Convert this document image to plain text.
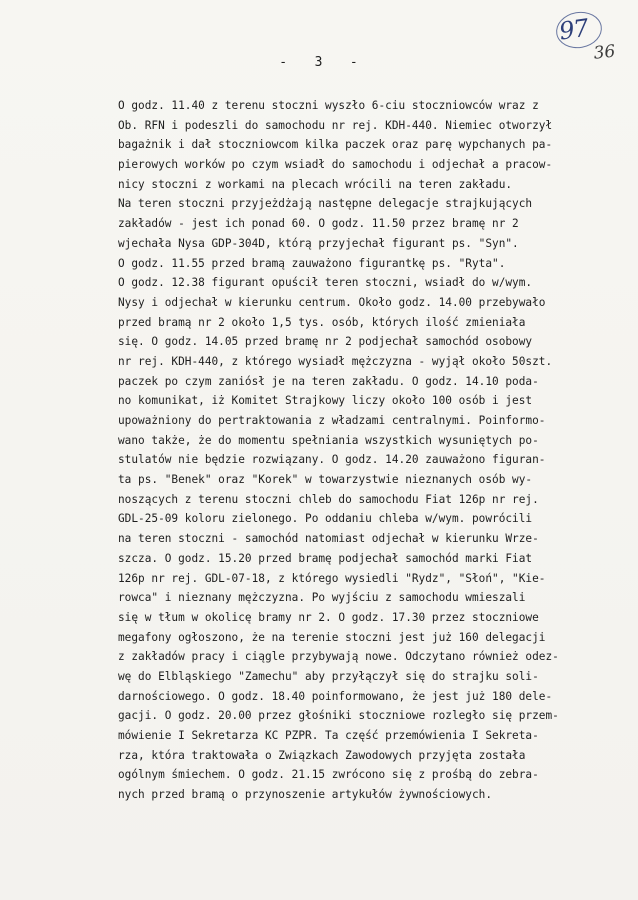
97
36
-   3   -
O godz. 11.40 z terenu stoczni wyszło 6-ciu stoczniowców wraz z
Ob. RFN i podeszli do samochodu nr rej. KDH-440. Niemiec otworzył
bagażnik i dał stoczniowcom kilka paczek oraz parę wypchanych pa-
pierowych worków po czym wsiadł do samochodu i odjechał a pracow-
nicy stoczni z workami na plecach wrócili na teren zakładu.
Na teren stoczni przyjeżdżają następne delegacje strajkujących
zakładów - jest ich ponad 60. O godz. 11.50 przez bramę nr 2
wjechała Nysa GDP-304D, którą przyjechał figurant ps. "Syn".
O godz. 11.55 przed bramą zauważono figurantkę ps. "Ryta".
O godz. 12.38 figurant opuścił teren stoczni, wsiadł do w/wym.
Nysy i odjechał w kierunku centrum. Około godz. 14.00 przebywało
przed bramą nr 2 około 1,5 tys. osób, których ilość zmieniała
się. O godz. 14.05 przed bramę nr 2 podjechał samochód osobowy
nr rej. KDH-440, z którego wysiadł mężczyzna - wyjął około 50szt.
paczek po czym zaniósł je na teren zakładu. O godz. 14.10 poda-
no komunikat, iż Komitet Strajkowy liczy około 100 osób i jest
upoważniony do pertraktowania z władzami centralnymi. Poinformo-
wano także, że do momentu spełniania wszystkich wysuniętych po-
stulatów nie będzie rozwiązany. O godz. 14.20 zauważono figuran-
ta ps. "Benek" oraz "Korek" w towarzystwie nieznanych osób wy-
noszących z terenu stoczni chleb do samochodu Fiat 126p nr rej.
GDL-25-09 koloru zielonego. Po oddaniu chleba w/wym. powrócili
na teren stoczni - samochód natomiast odjechał w kierunku Wrze-
szcza. O godz. 15.20 przed bramę podjechał samochód marki Fiat
126p nr rej. GDL-07-18, z którego wysiedli "Rydz", "Słoń", "Kie-
rowca" i nieznany mężczyzna. Po wyjściu z samochodu wmieszali
się w tłum w okolicę bramy nr 2. O godz. 17.30 przez stoczniowe
megafony ogłoszono, że na terenie stoczni jest już 160 delegacji
z zakładów pracy i ciągle przybywają nowe. Odczytano również odez-
wę do Elbląskiego "Zamechu" aby przyłączył się do strajku soli-
darnościowego. O godz. 18.40 poinformowano, że jest już 180 dele-
gacji. O godz. 20.00 przez głośniki stoczniowe rozległo się przem-
mówienie I Sekretarza KC PZPR. Ta część przemówienia I Sekreta-
rza, która traktowała o Związkach Zawodowych przyjęta została
ogólnym śmiechem. O godz. 21.15 zwrócono się z prośbą do zebra-
nych przed bramą o przynoszenie artykułów żywnościowych.
